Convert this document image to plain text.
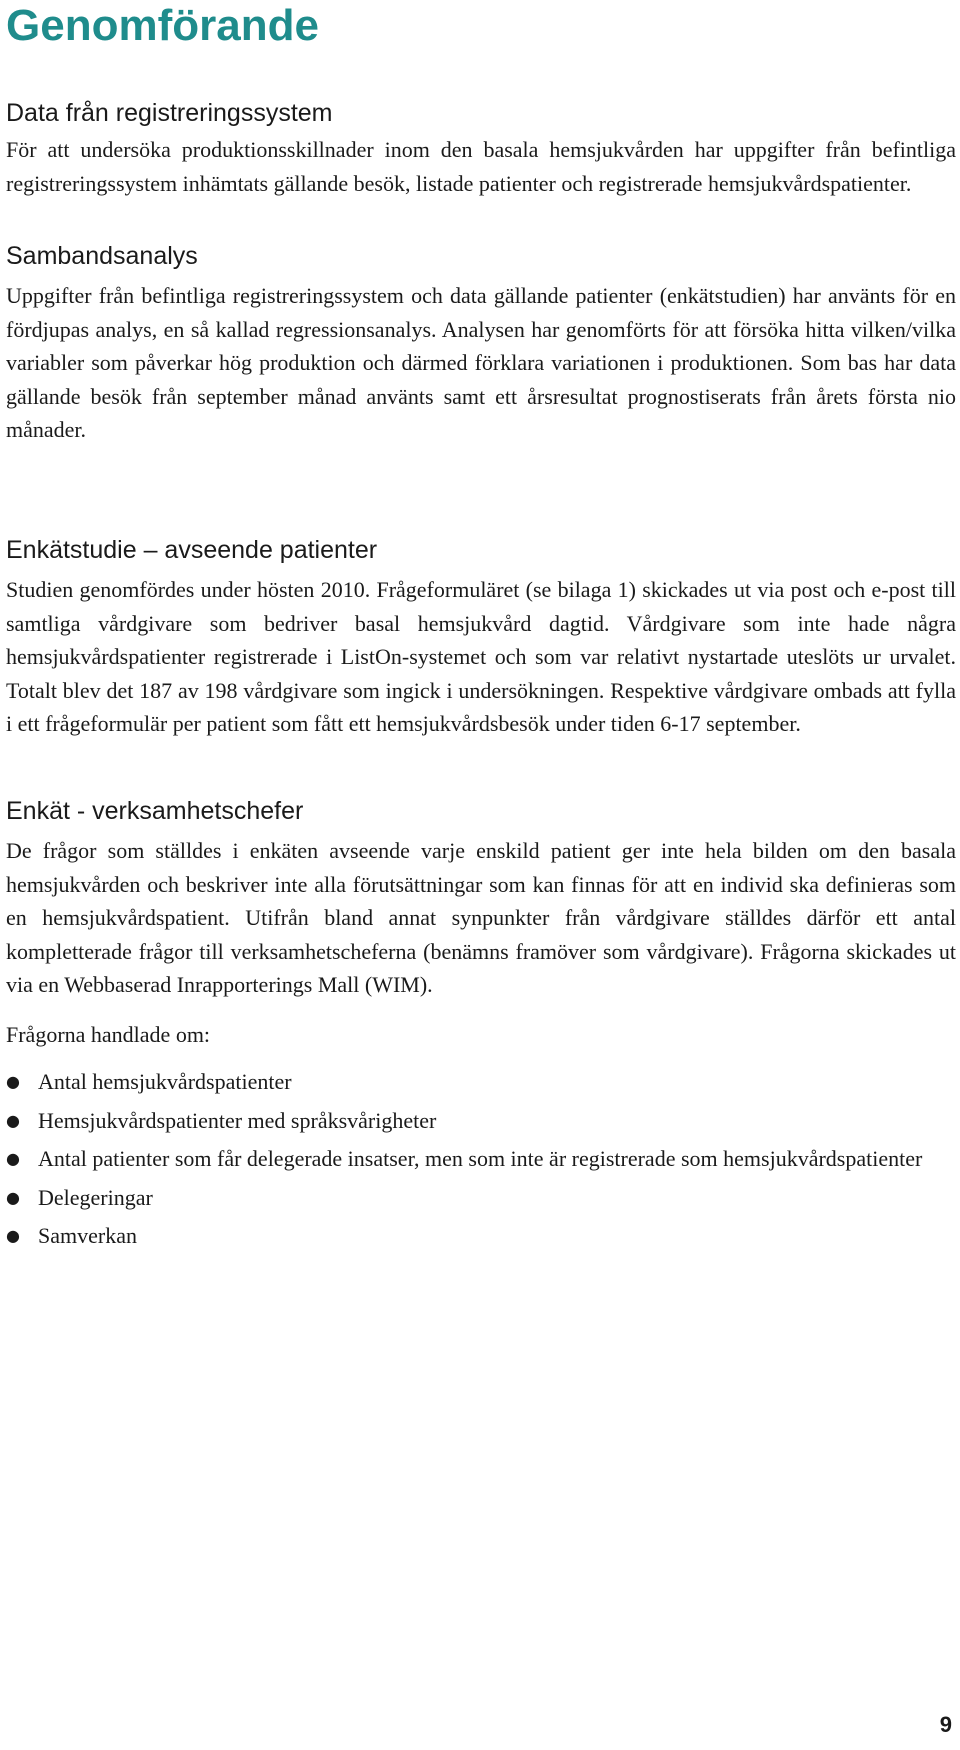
Genomförande
Data från registreringssystem

För att undersöka produktionsskillnader inom den basala hemsjukvården har uppgifter från befintliga registreringssystem inhämtats gällande besök, listade patienter och registrerade hemsjukvårdspatienter.

Sambandsanalys

Uppgifter från befintliga registreringssystem och data gällande patienter (enkätstudien) har använts för en fördjupas analys, en så kallad regressionsanalys. Analysen har genomförts för att försöka hitta vilken/vilka variabler som påverkar hög produktion och därmed förklara variationen i produktionen. Som bas har data gällande besök från september månad använts samt ett årsresultat prognostiserats från årets första nio månader.

Enkätstudie – avseende patienter

Studien genomfördes under hösten 2010. Frågeformuläret (se bilaga 1) skickades ut via post och e-post till samtliga vårdgivare som bedriver basal hemsjukvård dagtid. Vårdgivare som inte hade några hemsjukvårdspatienter registrerade i ListOn-systemet och som var relativt nystartade uteslöts ur urvalet. Totalt blev det 187 av 198 vårdgivare som ingick i undersökningen. Respektive vårdgivare ombads att fylla i ett frågeformulär per patient som fått ett hemsjukvårdsbesök under tiden 6-17 september.

Enkät - verksamhetschefer

De frågor som ställdes i enkäten avseende varje enskild patient ger inte hela bilden om den basala hemsjukvården och beskriver inte alla förutsättningar som kan finnas för att en individ ska definieras som en hemsjukvårdspatient. Utifrån bland annat synpunkter från vårdgivare ställdes därför ett antal kompletterade frågor till verksamhetscheferna (benämns framöver som vårdgivare). Frågorna skickades ut via en Webbaserad Inrapporterings Mall (WIM).

Frågorna handlade om:

● Antal hemsjukvårdspatienter
● Hemsjukvårdspatienter med språksvårigheter
● Antal patienter som får delegerade insatser, men som inte är registrerade som hemsjukvårdspatienter
● Delegeringar
● Samverkan
9
